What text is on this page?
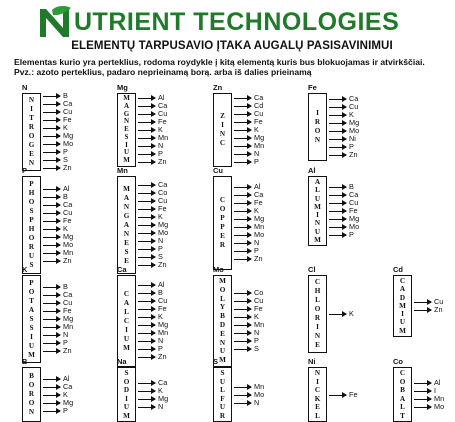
UTRIENT TECHNOLOGIES
ELEMENTŲ TARPUSAVIO ĮTAKA AUGALŲ PASISAVINIMUI
Elementas kurio yra perteklius, rodoma roydykle į kitą elementą kuris bus blokuojamas ir atvirkščiai.
Pvz.: azoto perteklius, padaro neprieinamą borą. arba iš dalies prieinamą
N
N
I
T
R
O
G
E
N
B
Ca
Cu
Fe
K
Mg
Mo
P
S
Zn
Mg
M
A
G
N
E
S
I
U
M
Al
Ca
Cu
Fe
K
Mn
N
P
Zn
Zn
Z
I
N
C
Ca
Cd
Cu
Fe
K
Mg
Mn
N
P
Fe
I
R
O
N
Ca
Cu
K
Mg
Mo
Ni
P
Zn
P
P
H
O
S
P
H
O
R
U
S
Al
B
Ca
Cu
Fe
K
Mg
Mo
Mn
Zn
Mn
M
A
N
G
A
N
E
S
E
Ca
Co
Cu
Fe
K
Mg
Mo
N
P
S
Zn
Cu
C
O
P
P
E
R
Al
Ca
Fe
K
Mg
Mn
Mo
N
P
Zn
Al
A
L
U
M
I
N
U
M
B
Ca
Cu
Fe
Mg
Mo
P
K
P
O
T
A
S
S
I
U
M
B
Ca
Cu
Fe
Mg
Mn
N
P
Zn
Ca
C
A
L
C
I
U
M
Al
B
Cu
Fe
K
Mg
Mn
N
P
Zn
Mo
M
O
L
Y
B
D
E
N
U
M
Co
Cu
Fe
K
Mn
N
P
S
Cl
C
H
L
O
R
I
N
E
K
Cd
C
A
D
M
I
U
M
Cu
Zn
B
B
O
R
O
N
Al
Ca
K
Mg
P
Na
S
O
D
I
U
M
Ca
K
Mg
N
S
S
U
L
F
U
R
Mn
Mo
N
Ni
N
I
C
K
E
L
Fe
Co
C
O
B
A
L
T
Al
I
Mn
Mo
